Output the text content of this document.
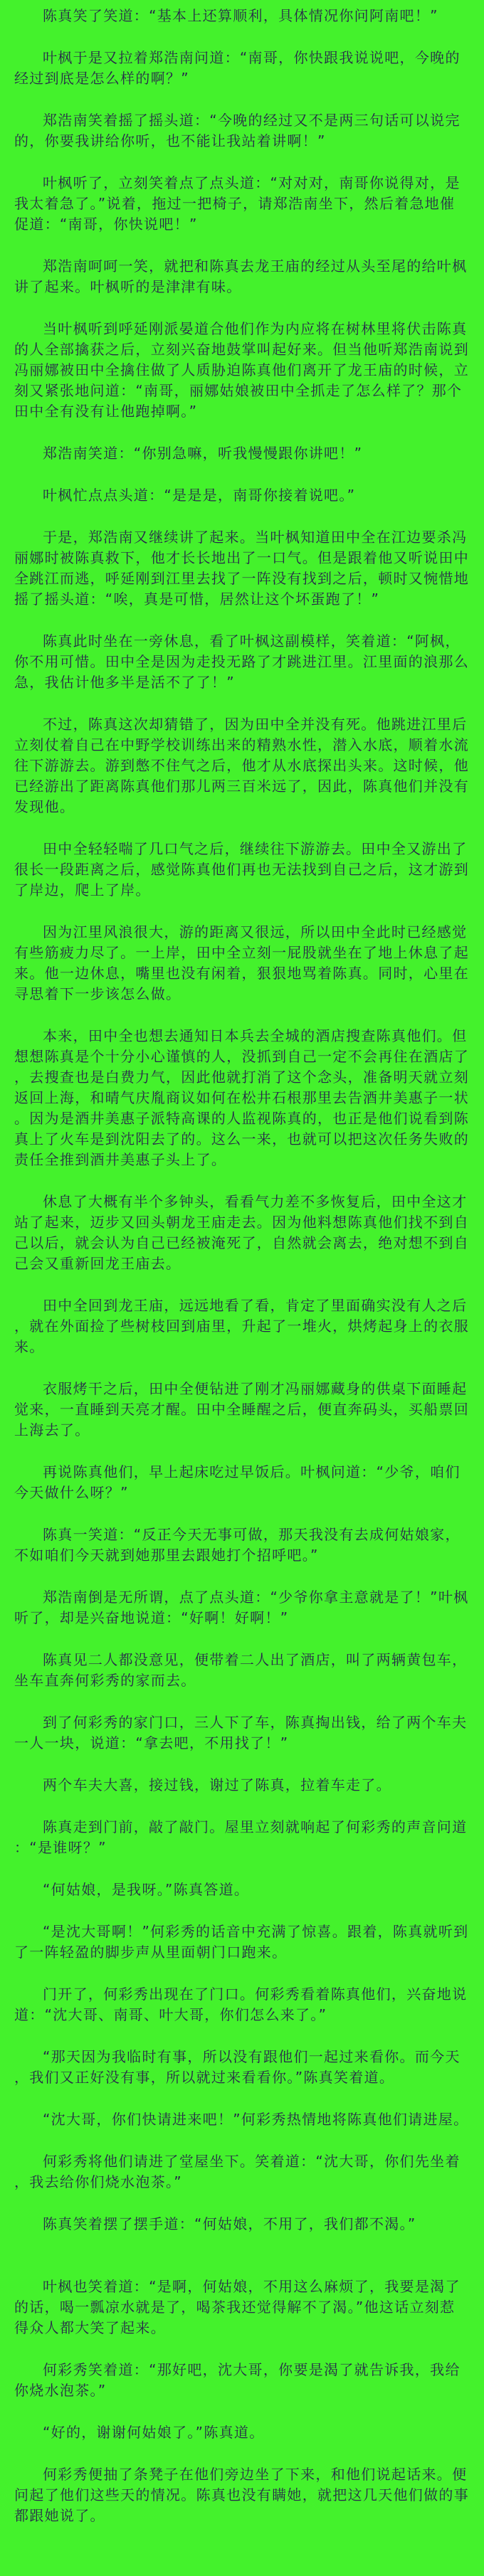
陈真笑了笑道：“基本上还算顺利，具体情况你问阿南吧！”

叶枫于是又拉着郑浩南问道：“南哥，你快跟我说说吧，今晚的经过到底是怎么样的啊？”

郑浩南笑着摇了摇头道：“今晚的经过又不是两三句话可以说完的，你要我讲给你听，也不能让我站着讲啊！”

叶枫听了，立刻笑着点了点头道：“对对对，南哥你说得对，是我太着急了。”说着，拖过一把椅子，请郑浩南坐下，然后着急地催促道：“南哥，你快说吧！”

郑浩南呵呵一笑，就把和陈真去龙王庙的经过从头至尾的给叶枫讲了起来。叶枫听的是津津有味。

当叶枫听到呼延刚派晏道合他们作为内应将在树林里将伏击陈真的人全部擒获之后，立刻兴奋地鼓掌叫起好来。但当他听郑浩南说到冯丽娜被田中全擒住做了人质胁迫陈真他们离开了龙王庙的时候，立刻又紧张地问道：“南哥，丽娜姑娘被田中全抓走了怎么样了？那个田中全有没有让他跑掉啊。”

郑浩南笑道：“你别急嘛，听我慢慢跟你讲吧！”

叶枫忙点点头道：“是是是，南哥你接着说吧。”

于是，郑浩南又继续讲了起来。当叶枫知道田中全在江边要杀冯丽娜时被陈真救下，他才长长地出了一口气。但是跟着他又听说田中全跳江而逃，呼延刚到江里去找了一阵没有找到之后，顿时又惋惜地摇了摇头道：“唉，真是可惜，居然让这个坏蛋跑了！”

陈真此时坐在一旁休息，看了叶枫这副模样，笑着道：“阿枫，你不用可惜。田中全是因为走投无路了才跳进江里。江里面的浪那么急，我估计他多半是活不了了！”

不过，陈真这次却猜错了，因为田中全并没有死。他跳进江里后立刻仗着自己在中野学校训练出来的精熟水性，潜入水底，顺着水流往下游游去。游到憋不住气之后，他才从水底探出头来。这时候，他已经游出了距离陈真他们那儿两三百米远了，因此，陈真他们并没有发现他。

田中全轻轻喘了几口气之后，继续往下游游去。田中全又游出了很长一段距离之后，感觉陈真他们再也无法找到自己之后，这才游到了岸边，爬上了岸。

因为江里风浪很大，游的距离又很远，所以田中全此时已经感觉有些筋疲力尽了。一上岸，田中全立刻一屁股就坐在了地上休息了起来。他一边休息，嘴里也没有闲着，狠狠地骂着陈真。同时，心里在寻思着下一步该怎么做。

本来，田中全也想去通知日本兵去全城的酒店搜查陈真他们。但想想陈真是个十分小心谨慎的人，没抓到自己一定不会再住在酒店了，去搜查也是白费力气，因此他就打消了这个念头，准备明天就立刻返回上海，和晴气庆胤商议如何在松井石根那里去告酒井美惠子一状。因为是酒井美惠子派特高课的人监视陈真的，也正是他们说看到陈真上了火车是到沈阳去了的。这么一来，也就可以把这次任务失败的责任全推到酒井美惠子头上了。

休息了大概有半个多钟头，看看气力差不多恢复后，田中全这才站了起来，迈步又回头朝龙王庙走去。因为他料想陈真他们找不到自己以后，就会认为自己已经被淹死了，自然就会离去，绝对想不到自己会又重新回龙王庙去。

田中全回到龙王庙，远远地看了看，肯定了里面确实没有人之后，就在外面捡了些树枝回到庙里，升起了一堆火，烘烤起身上的衣服来。

衣服烤干之后，田中全便钻进了刚才冯丽娜藏身的供桌下面睡起觉来，一直睡到天亮才醒。田中全睡醒之后，便直奔码头，买船票回上海去了。

再说陈真他们，早上起床吃过早饭后。叶枫问道：“少爷，咱们今天做什么呀？”

陈真一笑道：“反正今天无事可做，那天我没有去成何姑娘家，不如咱们今天就到她那里去跟她打个招呼吧。”

郑浩南倒是无所谓，点了点头道：“少爷你拿主意就是了！”叶枫听了，却是兴奋地说道：“好啊！好啊！”

陈真见二人都没意见，便带着二人出了酒店，叫了两辆黄包车，坐车直奔何彩秀的家而去。

到了何彩秀的家门口，三人下了车，陈真掏出钱，给了两个车夫一人一块，说道：“拿去吧，不用找了！”

两个车夫大喜，接过钱，谢过了陈真，拉着车走了。

陈真走到门前，敲了敲门。屋里立刻就响起了何彩秀的声音问道：“是谁呀？”

“何姑娘，是我呀。”陈真答道。

“是沈大哥啊！”何彩秀的话音中充满了惊喜。跟着，陈真就听到了一阵轻盈的脚步声从里面朝门口跑来。

门开了，何彩秀出现在了门口。何彩秀看着陈真他们，兴奋地说道：“沈大哥、南哥、叶大哥，你们怎么来了。”

“那天因为我临时有事，所以没有跟他们一起过来看你。而今天，我们又正好没有事，所以就过来看看你。”陈真笑着道。

“沈大哥，你们快请进来吧！”何彩秀热情地将陈真他们请进屋。

何彩秀将他们请进了堂屋坐下。笑着道：“沈大哥，你们先坐着，我去给你们烧水泡茶。”

陈真笑着摆了摆手道：“何姑娘，不用了，我们都不渴。”

叶枫也笑着道：“是啊，何姑娘，不用这么麻烦了，我要是渴了的话，喝一瓢凉水就是了，喝茶我还觉得解不了渴。”他这话立刻惹得众人都大笑了起来。

何彩秀笑着道：“那好吧，沈大哥，你要是渴了就告诉我，我给你烧水泡茶。”

“好的，谢谢何姑娘了。”陈真道。

何彩秀便抽了条凳子在他们旁边坐了下来，和他们说起话来。便问起了他们这些天的情况。陈真也没有瞒她，就把这几天他们做的事都跟她说了。
